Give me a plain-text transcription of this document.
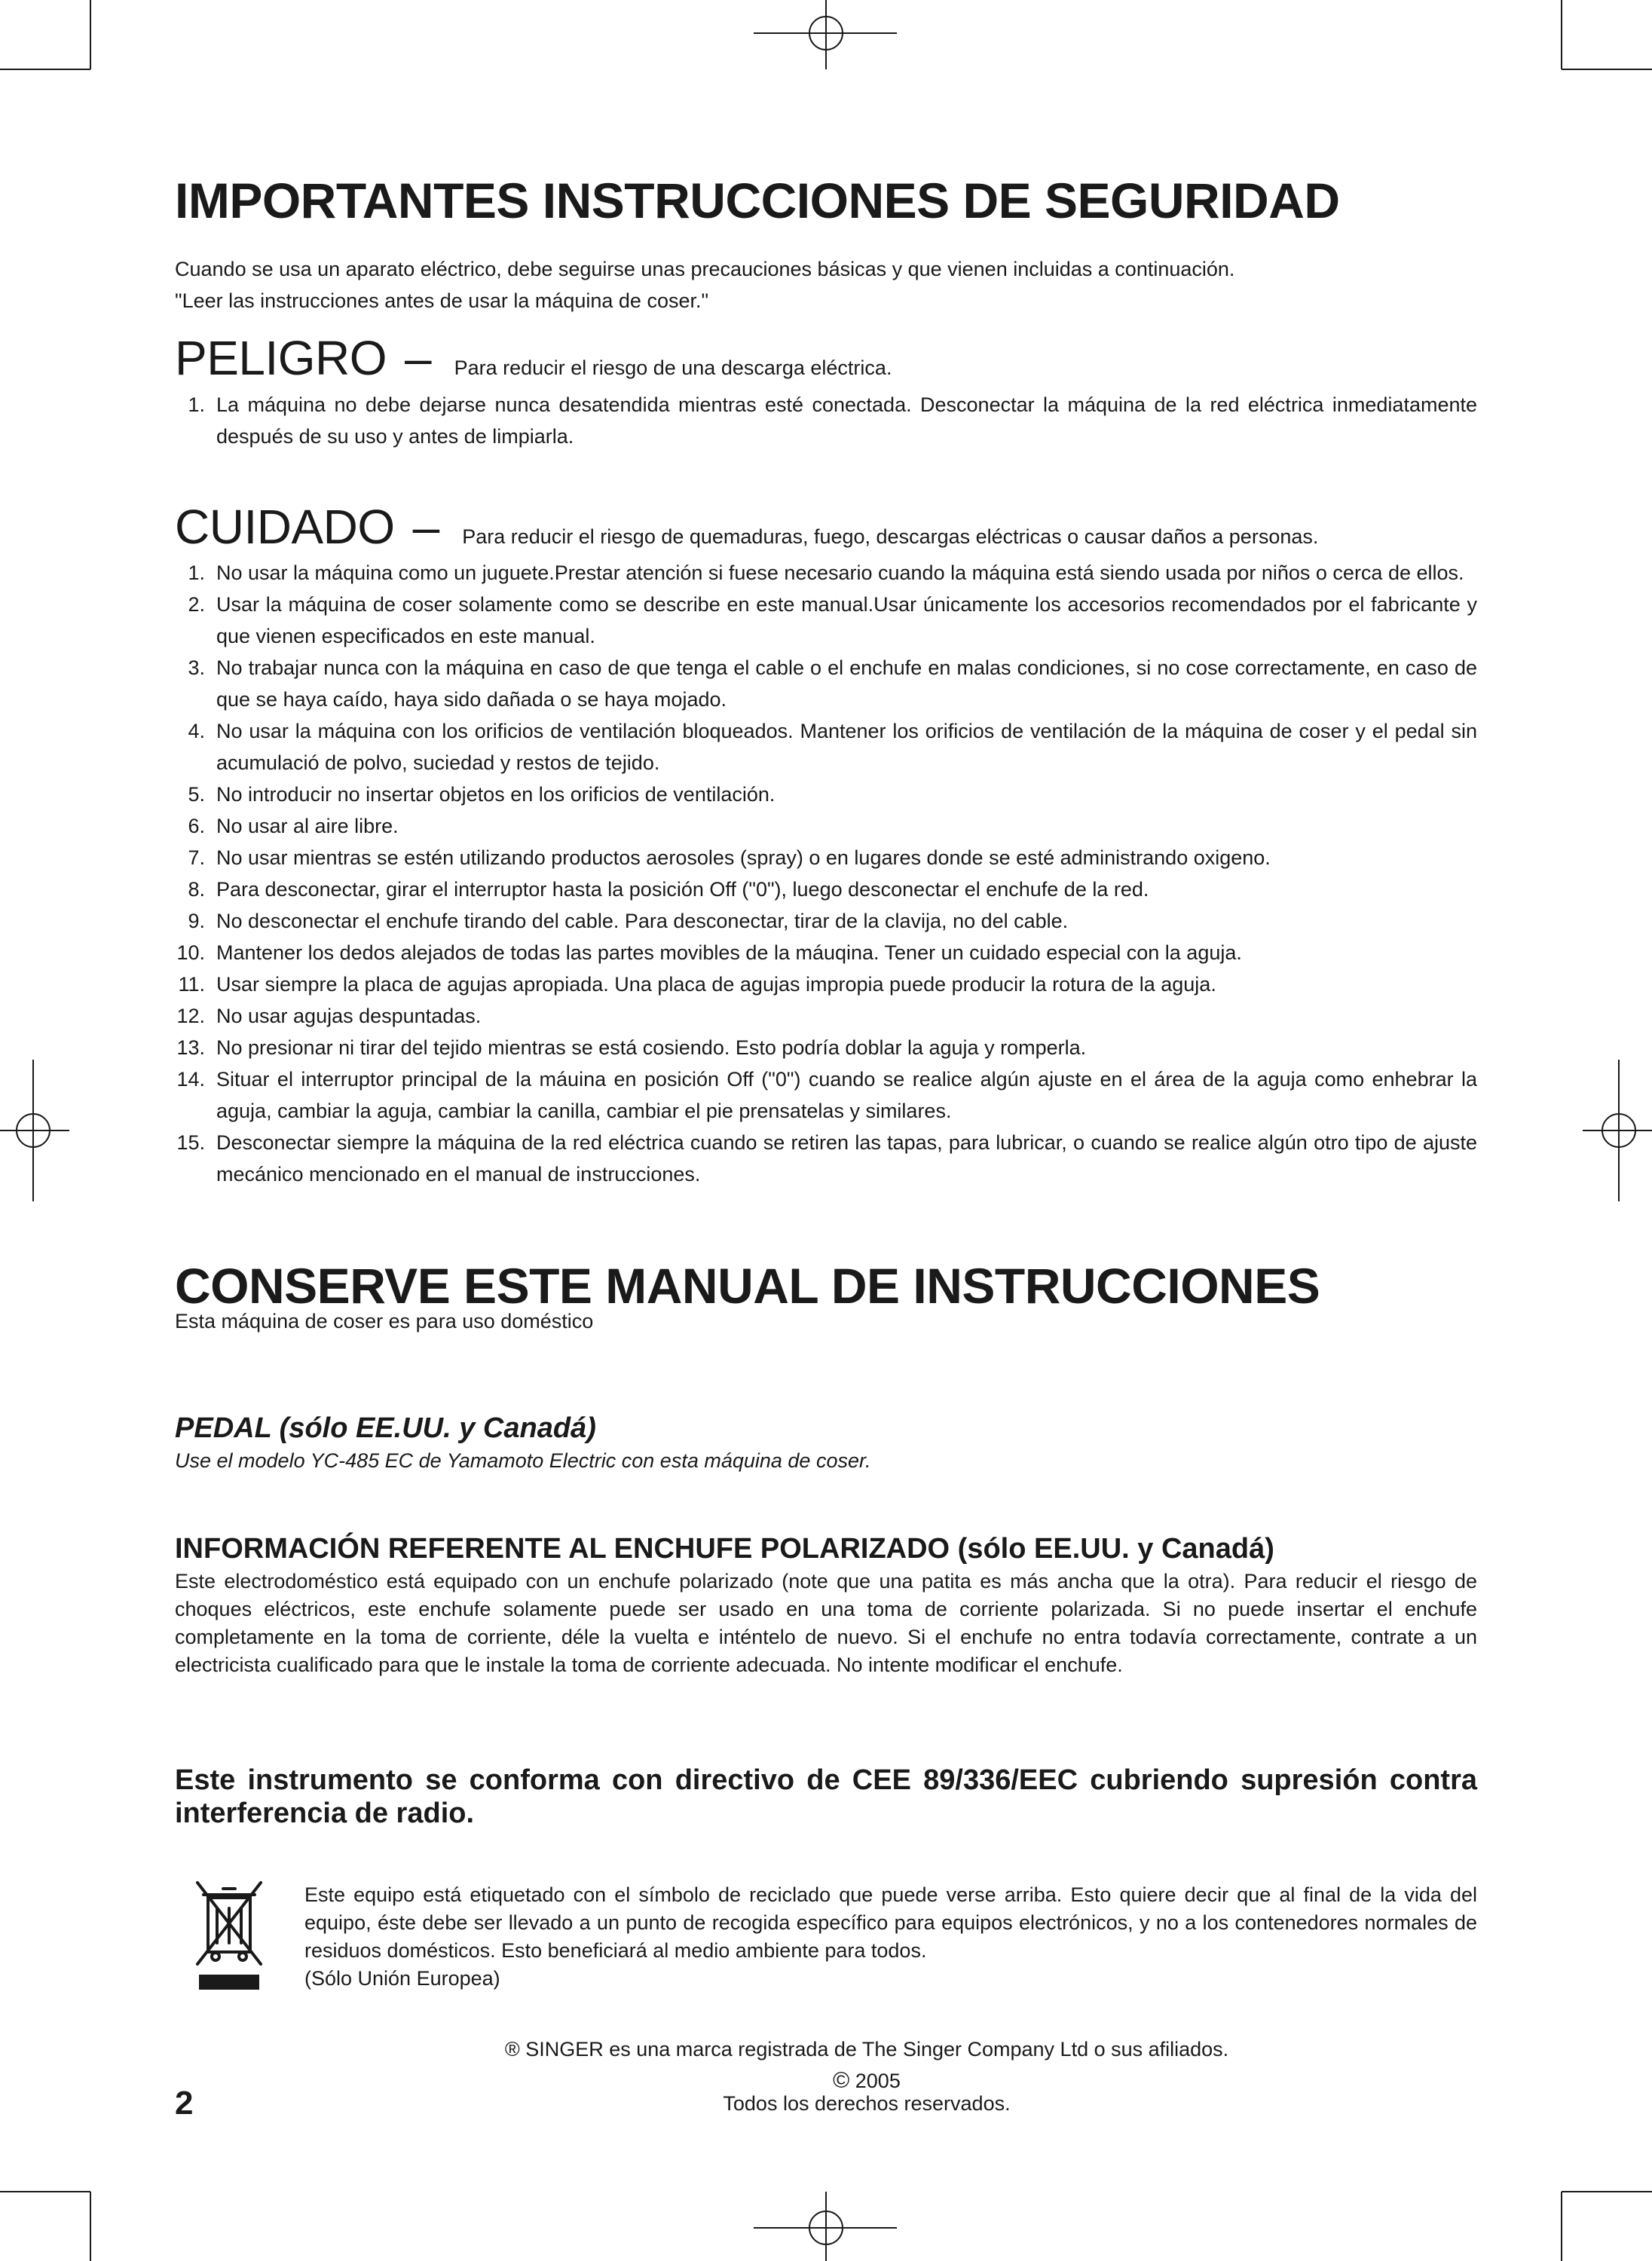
IMPORTANTES INSTRUCCIONES DE SEGURIDAD
Cuando se usa un aparato eléctrico, debe seguirse unas precauciones básicas y que vienen incluidas a continuación.
"Leer las instrucciones antes de usar la máquina de coser."
PELIGRO – Para reducir el riesgo de una descarga eléctrica.
1. La máquina no debe dejarse nunca desatendida mientras esté conectada. Desconectar la máquina de la red eléctrica inmediatamente después de su uso y antes de limpiarla.
CUIDADO – Para reducir el riesgo de quemaduras, fuego, descargas eléctricas o causar daños a personas.
1. No usar la máquina como un juguete.Prestar atención si fuese necesario cuando la máquina está siendo usada por niños o cerca de ellos.
2. Usar la máquina de coser solamente como se describe en este manual.Usar únicamente los accesorios recomendados por el fabricante y que vienen especificados en este manual.
3. No trabajar nunca con la máquina en caso de que tenga el cable o el enchufe en malas condiciones, si no cose correctamente, en caso de que se haya caído, haya sido dañada o se haya mojado.
4. No usar la máquina con los orificios de ventilación bloqueados. Mantener los orificios de ventilación de la máquina de coser y el pedal sin acumulació de polvo, suciedad y restos de tejido.
5. No introducir no insertar objetos en los orificios de ventilación.
6. No usar al aire libre.
7. No usar mientras se estén utilizando productos aerosoles (spray) o en lugares donde se esté administrando oxigeno.
8. Para desconectar, girar el interruptor hasta la posición Off ("0"), luego desconectar el enchufe de la red.
9. No desconectar el enchufe tirando del cable. Para desconectar, tirar de la clavija, no del cable.
10. Mantener los dedos alejados de todas las partes movibles de la máuqina. Tener un cuidado especial con la aguja.
11. Usar siempre la placa de agujas apropiada. Una placa de agujas impropia puede producir la rotura de la aguja.
12. No usar agujas despuntadas.
13. No presionar ni tirar del tejido mientras se está cosiendo. Esto podría doblar la aguja y romperla.
14. Situar el interruptor principal de la máuina en posición Off ("0") cuando se realice algún ajuste en el área de la aguja como enhebrar la aguja, cambiar la aguja, cambiar la canilla, cambiar el pie prensatelas y similares.
15. Desconectar siempre la máquina de la red eléctrica cuando se retiren las tapas, para lubricar, o cuando se realice algún otro tipo de ajuste mecánico mencionado en el manual de instrucciones.
CONSERVE ESTE MANUAL DE INSTRUCCIONES
Esta máquina de coser es para uso doméstico
PEDAL (sólo EE.UU. y Canadá)
Use el modelo YC-485 EC de Yamamoto Electric con esta máquina de coser.
INFORMACIÓN REFERENTE AL ENCHUFE POLARIZADO (sólo EE.UU. y Canadá)
Este electrodoméstico está equipado con un enchufe polarizado (note que una patita es más ancha que la otra). Para reducir el riesgo de choques eléctricos, este enchufe solamente puede ser usado en una toma de corriente polarizada. Si no puede insertar el enchufe completamente en la toma de corriente, déle la vuelta e inténtelo de nuevo. Si el enchufe no entra todavía correctamente, contrate a un electricista cualificado para que le instale la toma de corriente adecuada. No intente modificar el enchufe.
Este instrumento se conforma con directivo de CEE 89/336/EEC cubriendo supresión contra interferencia de radio.
Este equipo está etiquetado con el símbolo de reciclado que puede verse arriba. Esto quiere decir que al final de la vida del equipo, éste debe ser llevado a un punto de recogida específico para equipos electrónicos, y no a los contenedores normales de residuos domésticos. Esto beneficiará al medio ambiente para todos.
(Sólo Unión Europea)
® SINGER es una marca registrada de The Singer Company Ltd o sus afiliados.
© 2005
Todos los derechos reservados.
2
